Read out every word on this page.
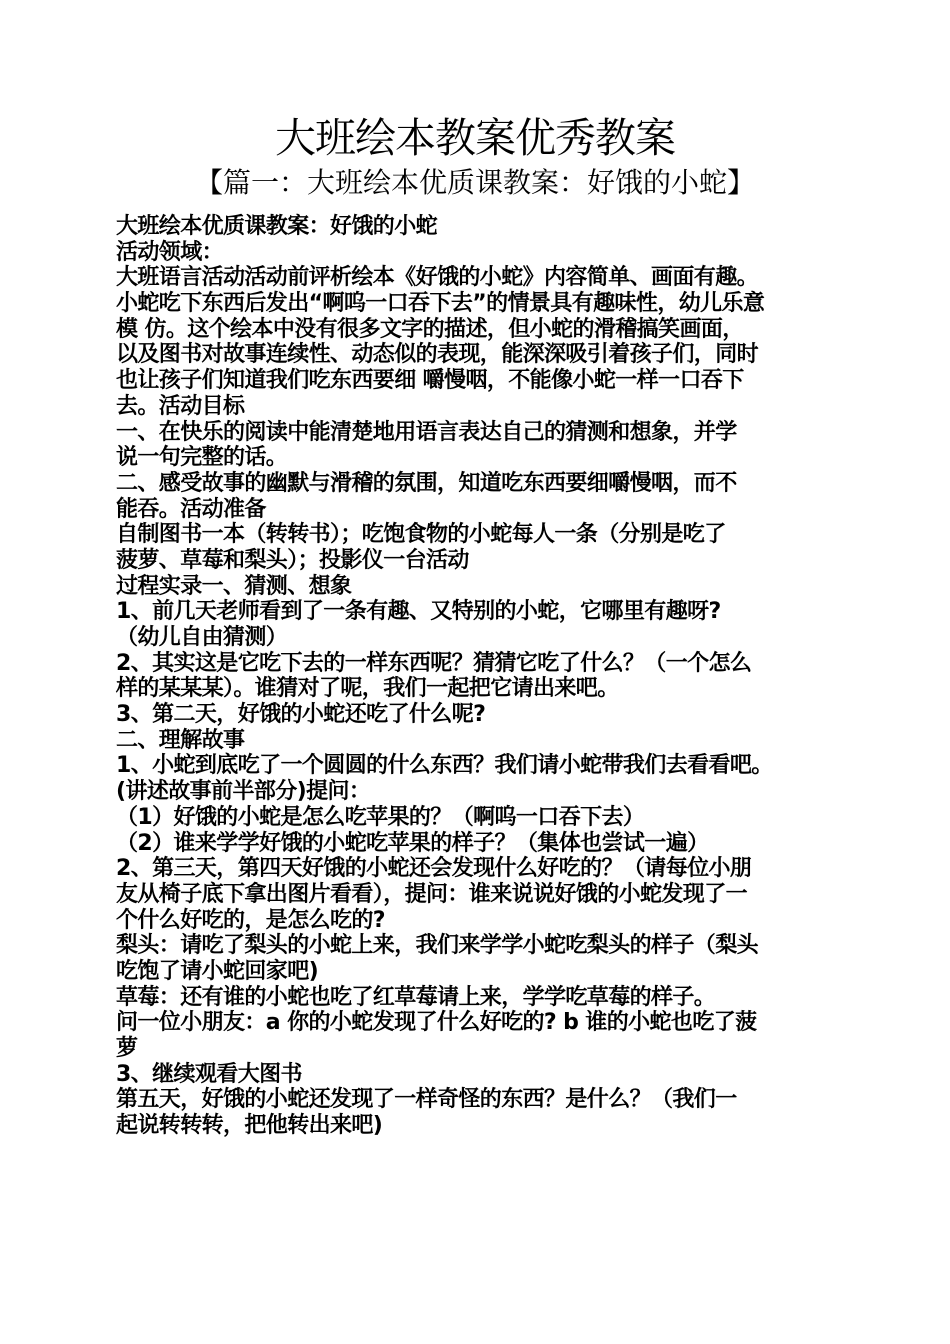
大班绘本教案优秀教案
【篇一：大班绘本优质课教案：好饿的小蛇】
大班绘本优质课教案：好饿的小蛇
活动领域：
大班语言活动活动前评析绘本《好饿的小蛇》内容简单、画面有趣。
小蛇吃下东西后发出“啊呜一口吞下去”的情景具有趣味性，幼儿乐意
模 仿。这个绘本中没有很多文字的描述，但小蛇的滑稽搞笑画面，
以及图书对故事连续性、动态似的表现，能深深吸引着孩子们，同时
也让孩子们知道我们吃东西要细 嚼慢咽，不能像小蛇一样一口吞下
去。活动目标
一、在快乐的阅读中能清楚地用语言表达自己的猜测和想象，并学
说一句完整的话。
二、感受故事的幽默与滑稽的氛围，知道吃东西要细嚼慢咽，而不
能吞。活动准备
自制图书一本（转转书）；吃饱食物的小蛇每人一条（分别是吃了
菠萝、草莓和梨头）；投影仪一台活动
过程实录一、猜测、想象
1、前几天老师看到了一条有趣、又特别的小蛇，它哪里有趣呀?
（幼儿自由猜测）
2、其实这是它吃下去的一样东西呢？猜猜它吃了什么？（一个怎么
样的某某某）。谁猜对了呢，我们一起把它请出来吧。
3、第二天，好饿的小蛇还吃了什么呢?
二、理解故事
1、小蛇到底吃了一个圆圆的什么东西？我们请小蛇带我们去看看吧。
(讲述故事前半部分)提问：
（1）好饿的小蛇是怎么吃苹果的？（啊呜一口吞下去）
（2）谁来学学好饿的小蛇吃苹果的样子？（集体也尝试一遍）
2、第三天，第四天好饿的小蛇还会发现什么好吃的？（请每位小朋
友从椅子底下拿出图片看看），提问：谁来说说好饿的小蛇发现了一
个什么好吃的，是怎么吃的?
梨头：请吃了梨头的小蛇上来，我们来学学小蛇吃梨头的样子（梨头
吃饱了请小蛇回家吧)
草莓：还有谁的小蛇也吃了红草莓请上来，学学吃草莓的样子。
问一位小朋友：a 你的小蛇发现了什么好吃的? b 谁的小蛇也吃了菠
萝
3、继续观看大图书
第五天，好饿的小蛇还发现了一样奇怪的东西？是什么？（我们一
起说转转转，把他转出来吧)
